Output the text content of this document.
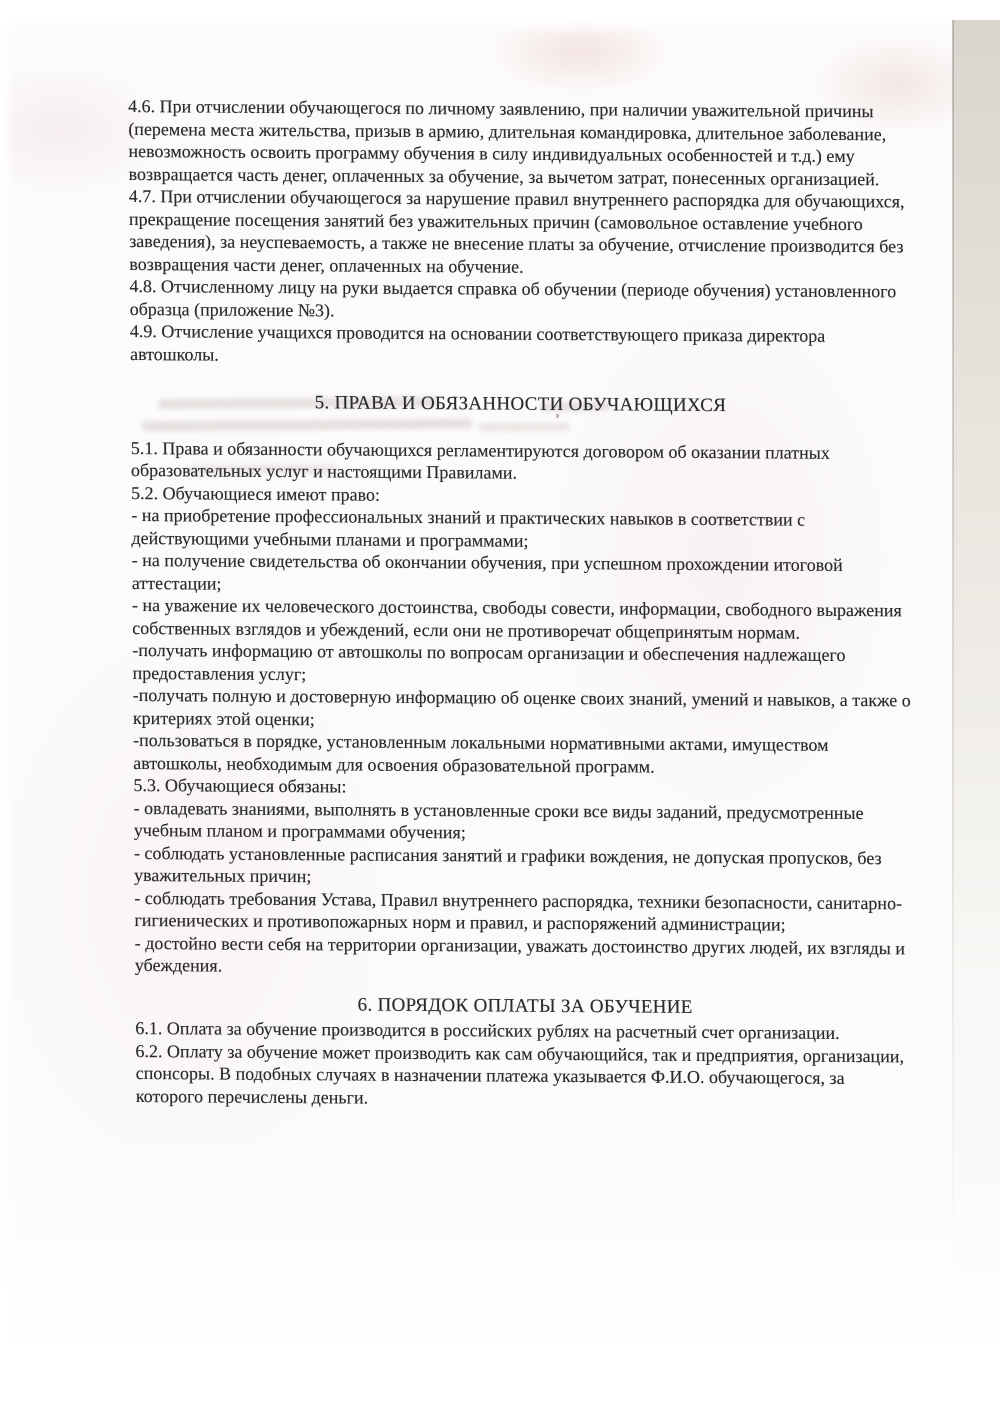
4.6. При отчислении обучающегося по личному заявлению, при наличии уважительной причины (перемена места жительства, призыв в армию, длительная командировка, длительное заболевание, невозможность освоить программу обучения в силу индивидуальных особенностей и т.д.) ему возвращается часть денег, оплаченных за обучение, за вычетом затрат, понесенных организацией.

4.7. При отчислении обучающегося за нарушение правил внутреннего распорядка для обучающихся, прекращение посещения занятий без уважительных причин (самовольное оставление учебного заведения), за неуспеваемость, а также не внесение платы за обучение, отчисление производится без возвращения части денег, оплаченных на обучение.

4.8. Отчисленному лицу на руки выдается справка об обучении (периоде обучения) установленного образца (приложение №3).

4.9. Отчисление учащихся проводится на основании соответствующего приказа директора автошколы.

5. ПРАВА И ОБЯЗАННОСТИ ОБУЧАЮЩИХСЯ

5.1. Права и обязанности обучающихся регламентируются договором об оказании платных образовательных услуг и настоящими Правилами.

5.2. Обучающиеся имеют право:

- на приобретение профессиональных знаний и практических навыков в соответствии с действующими учебными планами и программами;

- на получение свидетельства об окончании обучения, при успешном прохождении итоговой аттестации;

- на уважение их человеческого достоинства, свободы совести, информации, свободного выражения собственных взглядов и убеждений, если они не противоречат общепринятым нормам.

-получать информацию от автошколы по вопросам организации и обеспечения надлежащего предоставления услуг;

-получать полную и достоверную информацию об оценке своих знаний, умений и навыков, а также о критериях этой оценки;

-пользоваться в порядке, установленным локальными нормативными актами, имуществом автошколы, необходимым для освоения образовательной программ.

5.3. Обучающиеся обязаны:

- овладевать знаниями, выполнять в установленные сроки все виды заданий, предусмотренные учебным планом и программами обучения;

- соблюдать установленные расписания занятий и графики вождения, не допуская пропусков, без уважительных причин;

- соблюдать требования Устава, Правил внутреннего распорядка, техники безопасности, санитарно-гигиенических и противопожарных норм и правил, и распоряжений администрации;

- достойно вести себя на территории организации, уважать достоинство других людей, их взгляды и убеждения.

6. ПОРЯДОК ОПЛАТЫ ЗА ОБУЧЕНИЕ

6.1. Оплата за обучение производится в российских рублях на расчетный счет организации.

6.2. Оплату за обучение может производить как сам обучающийся, так и предприятия, организации, спонсоры. В подобных случаях в назначении платежа указывается Ф.И.О. обучающегося, за которого перечислены деньги.
